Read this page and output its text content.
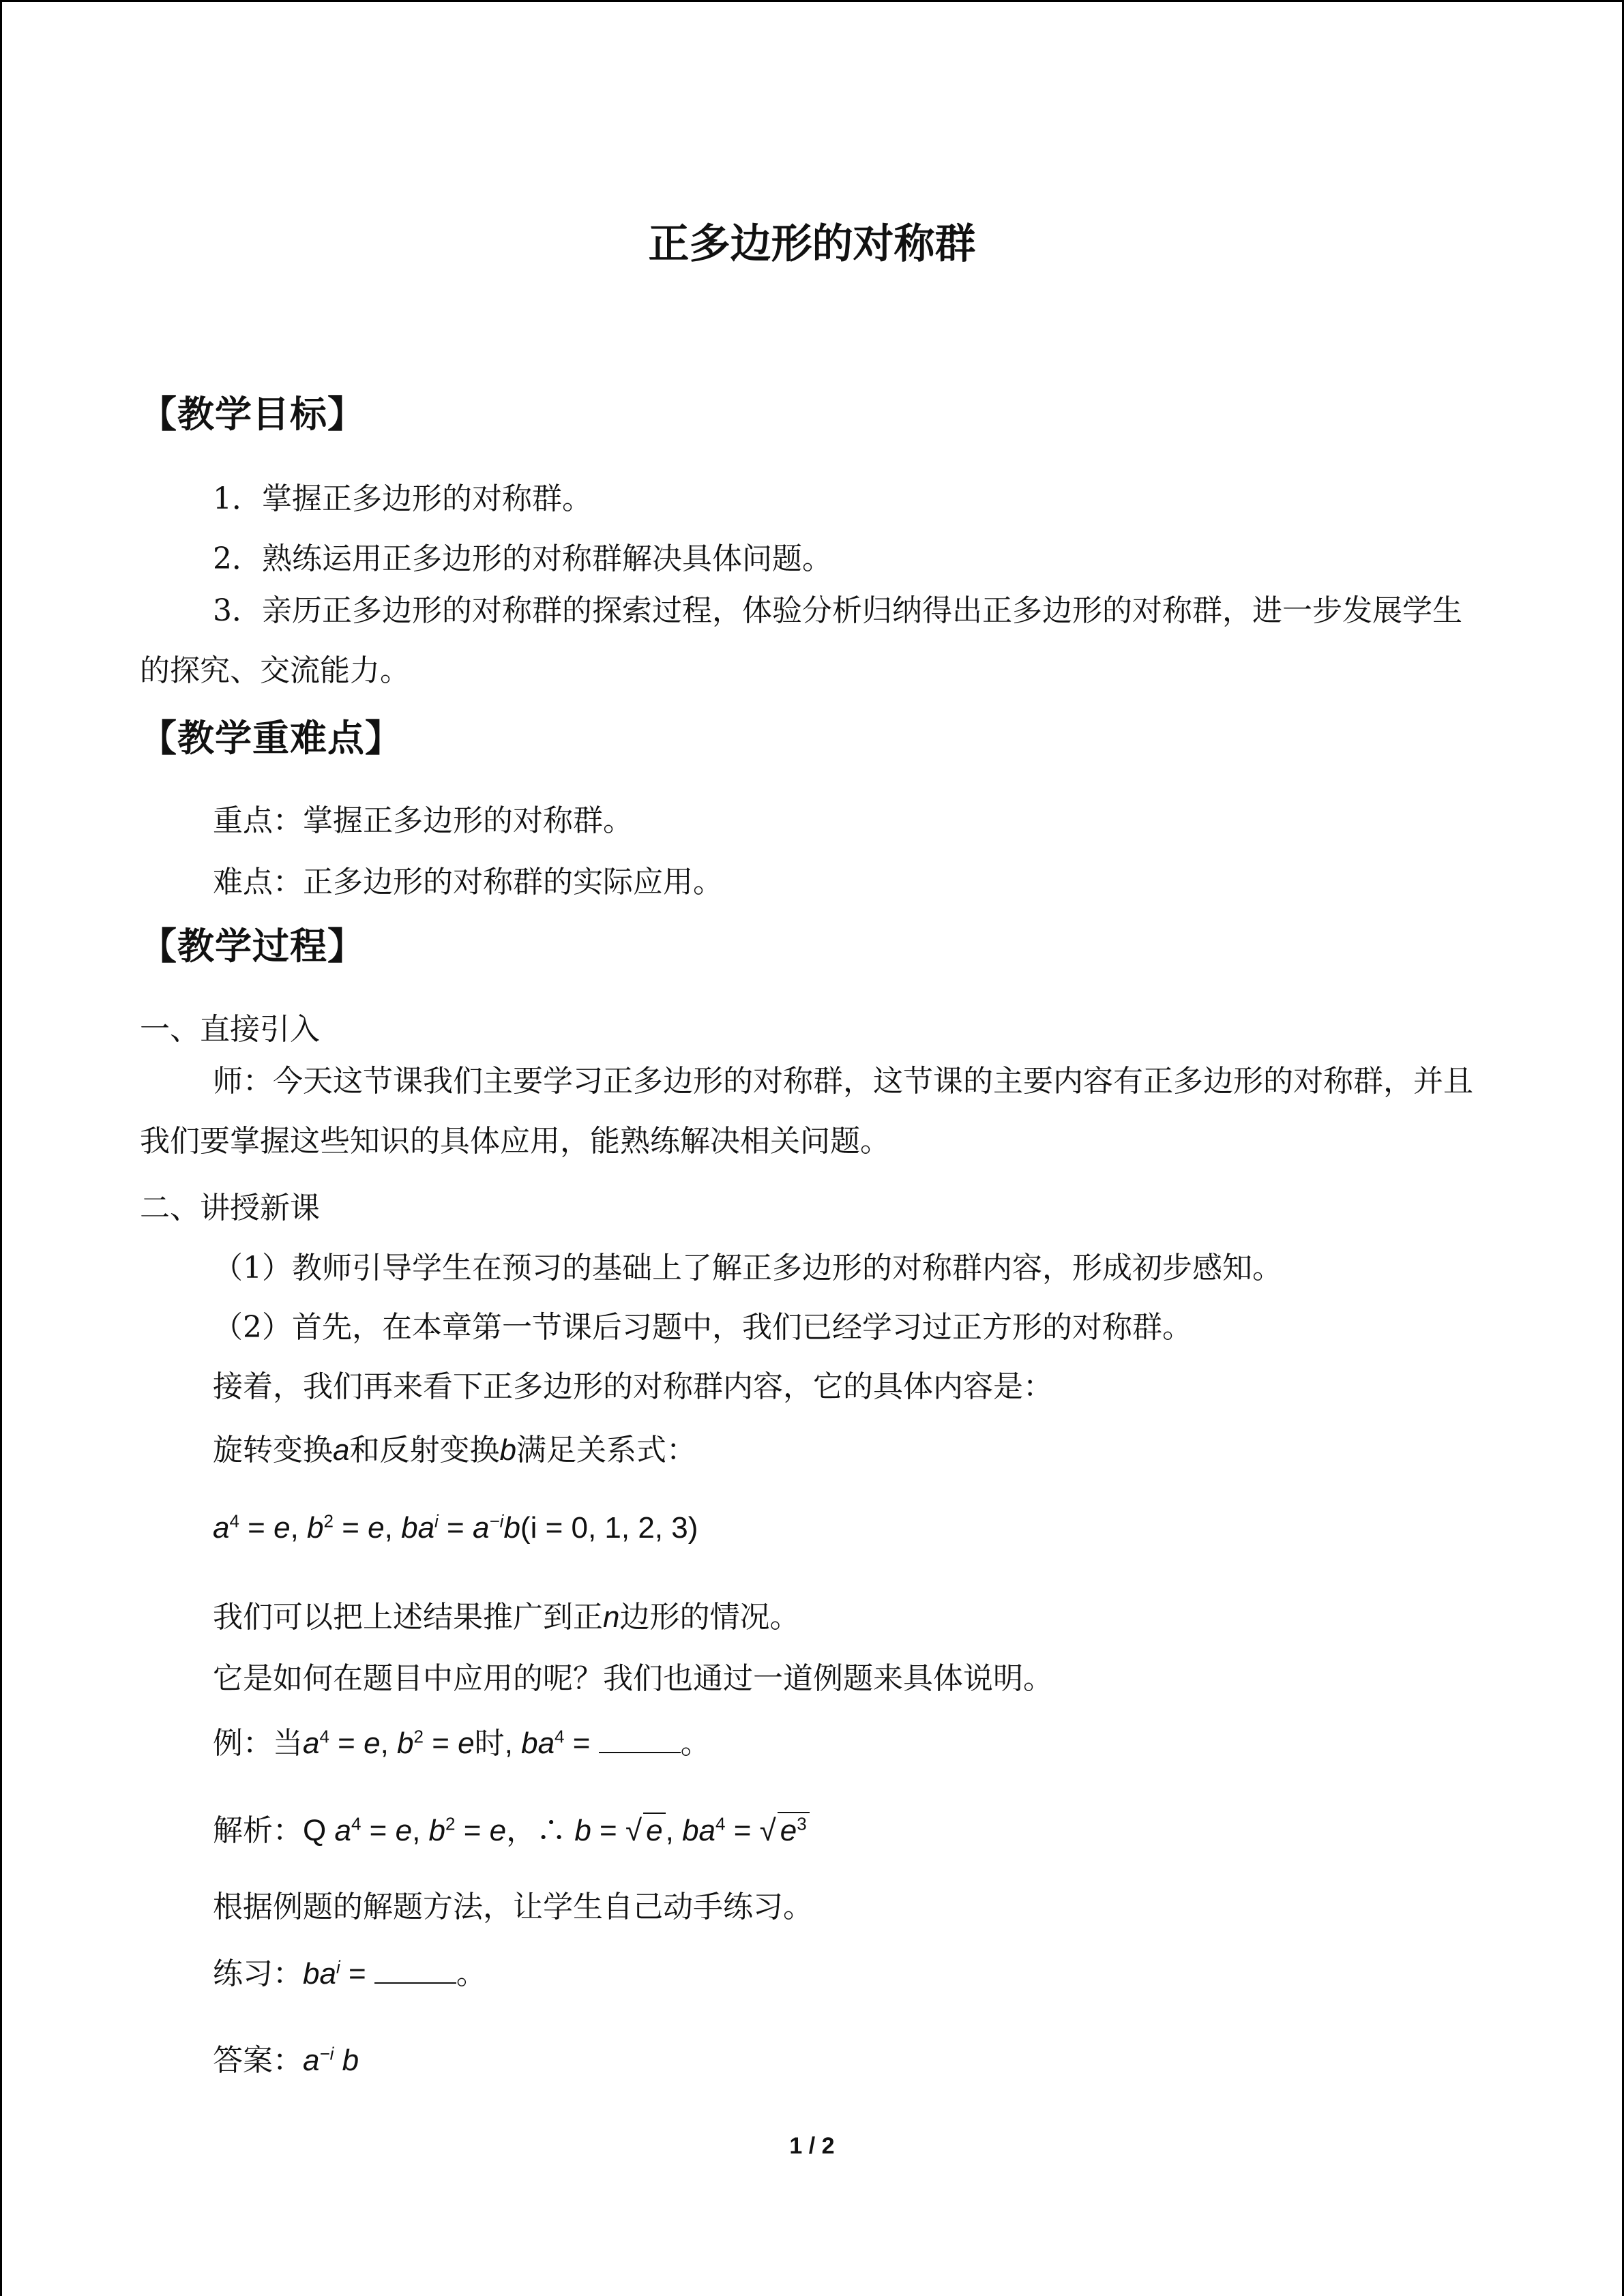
正多边形的对称群
【教学目标】
1．掌握正多边形的对称群。
2．熟练运用正多边形的对称群解决具体问题。
3．亲历正多边形的对称群的探索过程，体验分析归纳得出正多边形的对称群，进一步发展学生的探究、交流能力。
【教学重难点】
重点：掌握正多边形的对称群。
难点：正多边形的对称群的实际应用。
【教学过程】
一、直接引入
师：今天这节课我们主要学习正多边形的对称群，这节课的主要内容有正多边形的对称群，并且我们要掌握这些知识的具体应用，能熟练解决相关问题。
二、讲授新课
（1）教师引导学生在预习的基础上了解正多边形的对称群内容，形成初步感知。
（2）首先，在本章第一节课后习题中，我们已经学习过正方形的对称群。
接着，我们再来看下正多边形的对称群内容，它的具体内容是：
旋转变换a和反射变换b满足关系式：
$a^4 = e$, $b^2 = e$, $ba^i = a^{-i}b(i = 0$, 1, 2, 3)
我们可以把上述结果推广到正n边形的情况。
它是如何在题目中应用的呢？我们也通过一道例题来具体说明。
例：当$a^4 = e$, $b^2 = e$时, $ba^4$ =	。
解析：Q $a^4 = e$, $b^2 = e$，∴ b = √ e, $ba^4$ = √ $e^3$
根据例题的解题方法，让学生自己动手练习。
练习：$ba^i$ =	。
答案：$a^{-i}$ b
1 / 2
